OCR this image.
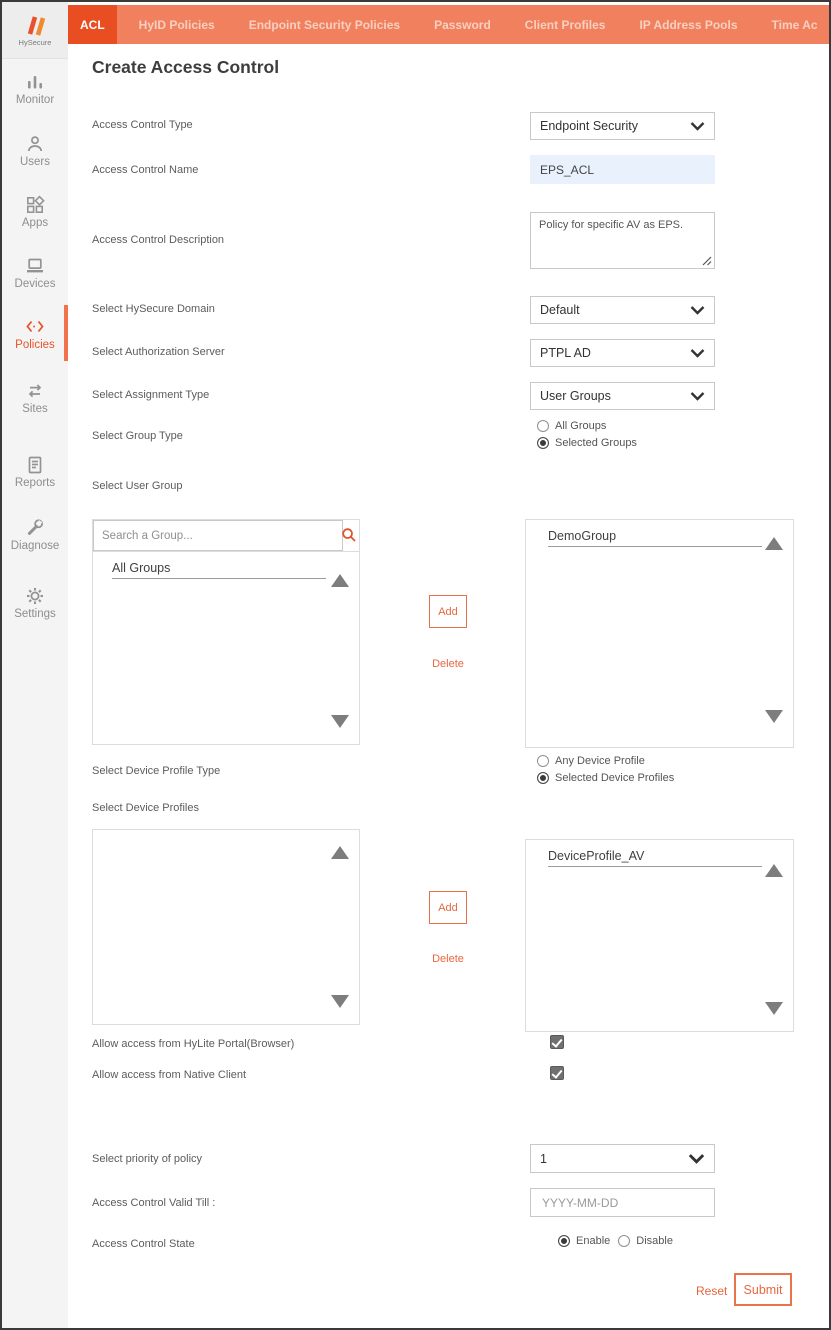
HySecure
ACL	HyID Policies	Endpoint Security Policies	Password	Client Profiles	IP Address Pools	Time Ac
Monitor
Users
Apps
Devices
Policies
Sites
Reports
Diagnose
Settings
Create Access Control
Access Control Type	Endpoint Security
Access Control Name	EPS_ACL
Access Control Description
Policy for specific AV as EPS.
Select HySecure Domain	Default
Select Authorization Server	PTPL AD
Select Assignment Type	User Groups
Select Group Type
All Groups
Selected Groups
Select User Group
Search a Group...
All Groups
Add
Delete
DemoGroup
Select Device Profile Type
Any Device Profile
Selected Device Profiles
Select Device Profiles
Add
Delete
DeviceProfile_AV
Allow access from HyLite Portal(Browser)
Allow access from Native Client
Select priority of policy	1
Access Control Valid Till :
YYYY-MM-DD
Access Control State	Enable Disable
Reset	Submit
